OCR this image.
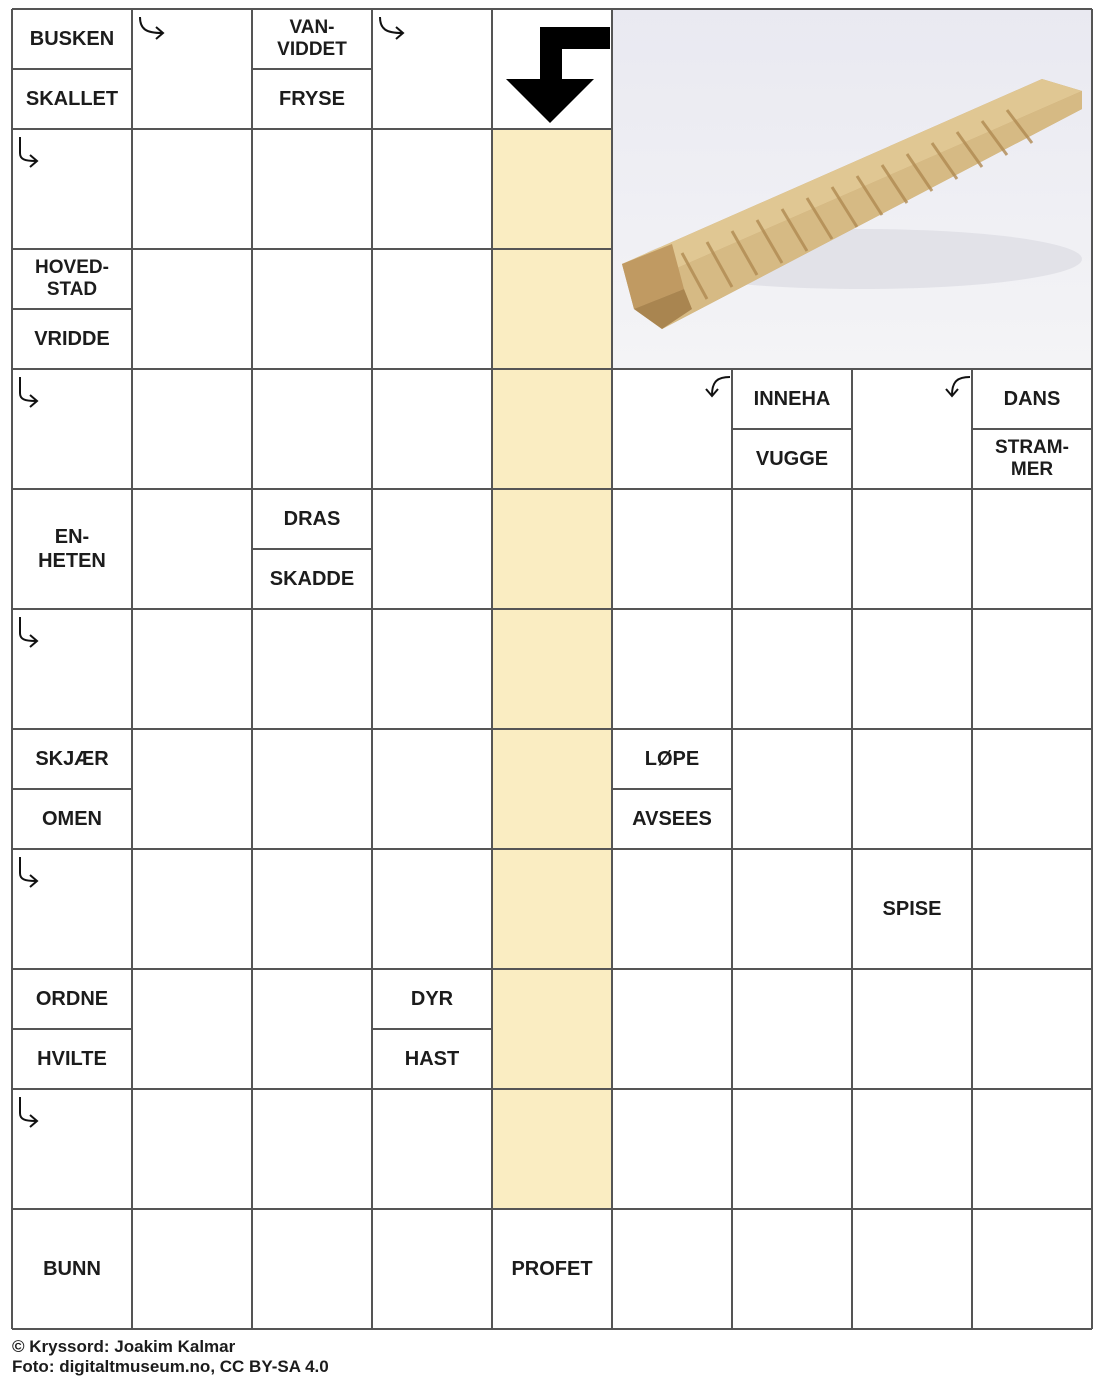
BUSKEN
SKALLET
VAN-
VIDDET
FRYSE
HOVED-
STAD
VRIDDE
INNEHA
VUGGE
DANS
STRAM-
MER
EN-
HETEN
DRAS
SKADDE
SKJÆR
OMEN
LØPE
AVSEES
SPISE
ORDNE
HVILTE
DYR
HAST
BUNN	PROFET
© Kryssord: Joakim Kalmar
Foto: digitaltmuseum.no, CC BY-SA 4.0
